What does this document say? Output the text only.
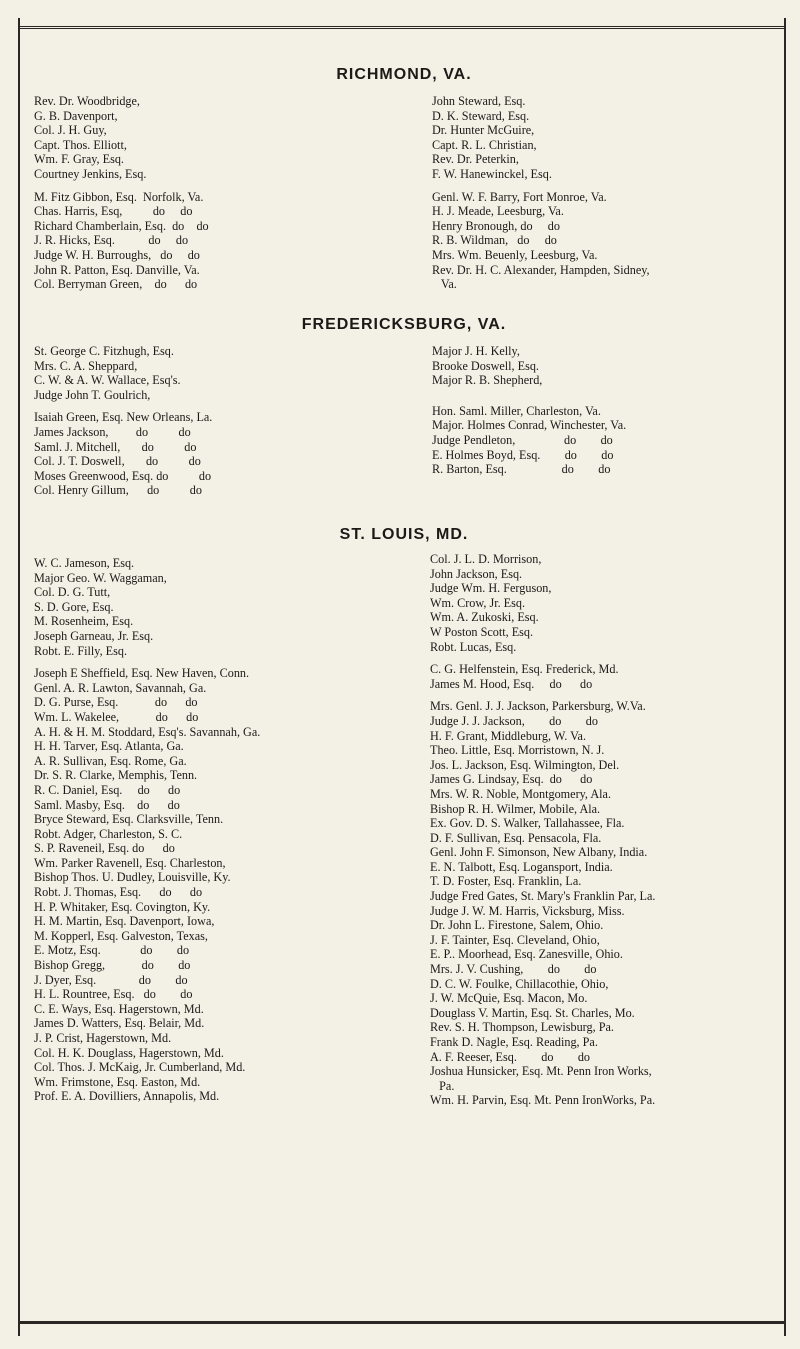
RICHMOND, VA.
Rev. Dr. Woodbridge,
G. B. Davenport,
Col. J. H. Guy,
Capt. Thos. Elliott,
Wm. F. Gray, Esq.
Courtney Jenkins, Esq.
M. Fitz Gibbon, Esq.  Norfolk, Va.
Chas. Harris, Esq,          do     do
Richard Chamberlain, Esq.  do    do
J. R. Hicks, Esq.           do     do
Judge W. H. Burroughs,   do     do
John R. Patton, Esq. Danville, Va.
Col. Berryman Green,    do      do
John Steward, Esq.
D. K. Steward, Esq.
Dr. Hunter McGuire,
Capt. R. L. Christian,
Rev. Dr. Peterkin,
F. W. Hanewinckel, Esq.
Genl. W. F. Barry, Fort Monroe, Va.
H. J. Meade, Leesburg, Va.
Henry Bronough, do     do
R. B. Wildman,   do     do
Mrs. Wm. Beuenly, Leesburg, Va.
Rev. Dr. H. C. Alexander, Hampden, Sidney,
Va.
FREDERICKSBURG, VA.
St. George C. Fitzhugh, Esq.
Mrs. C. A. Sheppard,
C. W. & A. W. Wallace, Esq's.
Judge John T. Goulrich,
Isaiah Green, Esq. New Orleans, La.
James Jackson,         do          do
Saml. J. Mitchell,       do          do
Col. J. T. Doswell,       do          do
Moses Greenwood, Esq. do          do
Col. Henry Gillum,      do          do
Major J. H. Kelly,
Brooke Doswell, Esq.
Major R. B. Shepherd,
Hon. Saml. Miller, Charleston, Va.
Major. Holmes Conrad, Winchester, Va.
Judge Pendleton,                do        do
E. Holmes Boyd, Esq.        do        do
R. Barton, Esq.                  do        do
ST. LOUIS, MD.
W. C. Jameson, Esq.
Major Geo. W. Waggaman,
Col. D. G. Tutt,
S. D. Gore, Esq.
M. Rosenheim, Esq.
Joseph Garneau, Jr. Esq.
Robt. E. Filly, Esq.
Joseph E Sheffield, Esq. New Haven, Conn.
Genl. A. R. Lawton, Savannah, Ga.
D. G. Purse, Esq.            do      do
Wm. L. Wakelee,            do      do
A. H. & H. M. Stoddard, Esq's. Savannah, Ga.
H. H. Tarver, Esq. Atlanta, Ga.
A. R. Sullivan, Esq. Rome, Ga.
Dr. S. R. Clarke, Memphis, Tenn.
R. C. Daniel, Esq.     do      do
Saml. Masby, Esq.    do      do
Bryce Steward, Esq. Clarksville, Tenn.
Robt. Adger, Charleston, S. C.
S. P. Raveneil, Esq. do      do
Wm. Parker Ravenell, Esq. Charleston,
Bishop Thos. U. Dudley, Louisville, Ky.
Robt. J. Thomas, Esq.      do      do
H. P. Whitaker, Esq. Covington, Ky.
H. M. Martin, Esq. Davenport, Iowa,
M. Kopperl, Esq. Galveston, Texas,
E. Motz, Esq.             do        do
Bishop Gregg,            do        do
J. Dyer, Esq.              do        do
H. L. Rountree, Esq.   do        do
C. E. Ways, Esq. Hagerstown, Md.
James D. Watters, Esq. Belair, Md.
J. P. Crist, Hagerstown, Md.
Col. H. K. Douglass, Hagerstown, Md.
Col. Thos. J. McKaig, Jr. Cumberland, Md.
Wm. Frimstone, Esq. Easton, Md.
Prof. E. A. Dovilliers, Annapolis, Md.
Col. J. L. D. Morrison,
John Jackson, Esq.
Judge Wm. H. Ferguson,
Wm. Crow, Jr. Esq.
Wm. A. Zukoski, Esq.
W Poston Scott, Esq.
Robt. Lucas, Esq.
C. G. Helfenstein, Esq. Frederick, Md.
James M. Hood, Esq.     do      do
Mrs. Genl. J. J. Jackson, Parkersburg, W.Va.
Judge J. J. Jackson,        do        do
H. F. Grant, Middleburg, W. Va.
Theo. Little, Esq. Morristown, N. J.
Jos. L. Jackson, Esq. Wilmington, Del.
James G. Lindsay, Esq.  do      do
Mrs. W. R. Noble, Montgomery, Ala.
Bishop R. H. Wilmer, Mobile, Ala.
Ex. Gov. D. S. Walker, Tallahassee, Fla.
D. F. Sullivan, Esq. Pensacola, Fla.
Genl. John F. Simonson, New Albany, India.
E. N. Talbott, Esq. Logansport, India.
T. D. Foster, Esq. Franklin, La.
Judge Fred Gates, St. Mary's Franklin Par, La.
Judge J. W. M. Harris, Vicksburg, Miss.
Dr. John L. Firestone, Salem, Ohio.
J. F. Tainter, Esq. Cleveland, Ohio,
E. P.. Moorhead, Esq. Zanesville, Ohio.
Mrs. J. V. Cushing,        do        do
D. C. W. Foulke, Chillacothie, Ohio,
J. W. McQuie, Esq. Macon, Mo.
Douglass V. Martin, Esq. St. Charles, Mo.
Rev. S. H. Thompson, Lewisburg, Pa.
Frank D. Nagle, Esq. Reading, Pa.
A. F. Reeser, Esq.        do        do
Joshua Hunsicker, Esq. Mt. Penn Iron Works,
Pa.
Wm. H. Parvin, Esq. Mt. Penn IronWorks, Pa.
